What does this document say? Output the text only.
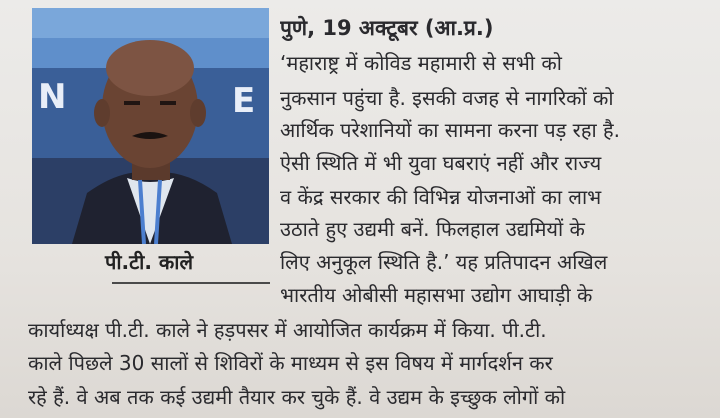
N	E
पी.टी. काले
पुणे, 19 अक्टूबर (आ.प्र.)
‘महाराष्ट्र में कोविड महामारी से सभी को
नुकसान पहुंचा है. इसकी वजह से नागरिकों को
आर्थिक परेशानियों का सामना करना पड़ रहा है.
ऐसी स्थिति में भी युवा घबराएं नहीं और राज्य
व केंद्र सरकार की विभिन्न योजनाओं का लाभ
उठाते हुए उद्यमी बनें. फिलहाल उद्यमियों के
लिए अनुकूल स्थिति है.’ यह प्रतिपादन अखिल
भारतीय ओबीसी महासभा उद्योग आघाड़ी के
कार्याध्यक्ष पी.टी. काले ने हड़पसर में आयोजित कार्यक्रम में किया. पी.टी.
काले पिछले 30 सालों से शिविरों के माध्यम से इस विषय में मार्गदर्शन कर
रहे हैं. वे अब तक कई उद्यमी तैयार कर चुके हैं. वे उद्यम के इच्छुक लोगों को
